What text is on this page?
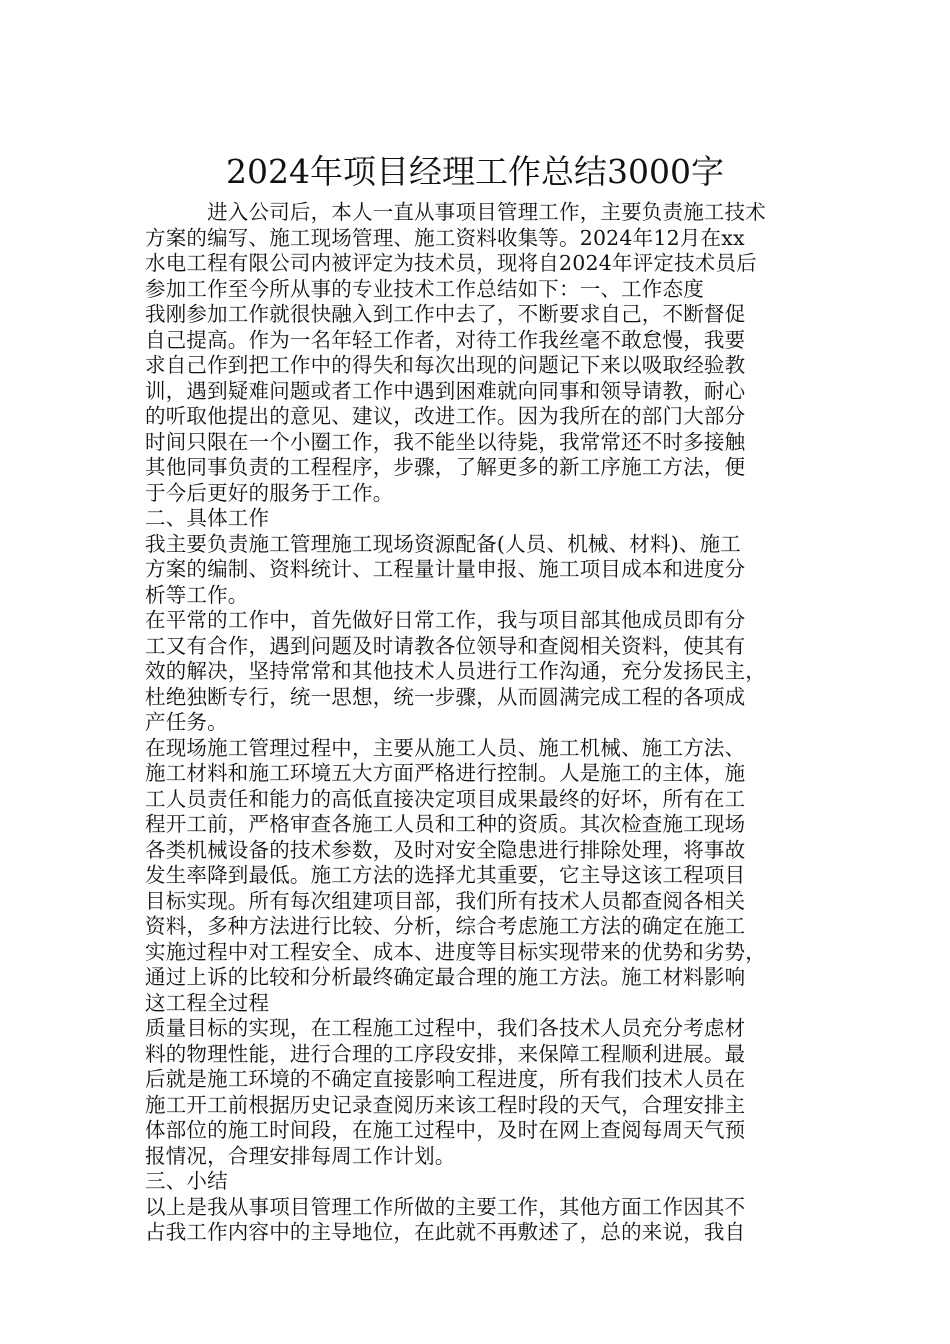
2024年项目经理工作总结3000字
　　　进入公司后，本人一直从事项目管理工作，主要负责施工技术
方案的编写、施工现场管理、施工资料收集等。2024年12月在xx
水电工程有限公司内被评定为技术员，现将自2024年评定技术员后
参加工作至今所从事的专业技术工作总结如下：一、工作态度
我刚参加工作就很快融入到工作中去了，不断要求自己，不断督促
自己提高。作为一名年轻工作者，对待工作我丝毫不敢怠慢，我要
求自己作到把工作中的得失和每次出现的问题记下来以吸取经验教
训，遇到疑难问题或者工作中遇到困难就向同事和领导请教，耐心
的听取他提出的意见、建议，改进工作。因为我所在的部门大部分
时间只限在一个小圈工作，我不能坐以待毙，我常常还不时多接触
其他同事负责的工程程序，步骤，了解更多的新工序施工方法，便
于今后更好的服务于工作。
二、具体工作
我主要负责施工管理施工现场资源配备(人员、机械、材料)、施工
方案的编制、资料统计、工程量计量申报、施工项目成本和进度分
析等工作。
在平常的工作中，首先做好日常工作，我与项目部其他成员即有分
工又有合作，遇到问题及时请教各位领导和查阅相关资料，使其有
效的解决，坚持常常和其他技术人员进行工作沟通，充分发扬民主，
杜绝独断专行，统一思想，统一步骤，从而圆满完成工程的各项成
产任务。
在现场施工管理过程中，主要从施工人员、施工机械、施工方法、
施工材料和施工环境五大方面严格进行控制。人是施工的主体，施
工人员责任和能力的高低直接决定项目成果最终的好坏，所有在工
程开工前，严格审查各施工人员和工种的资质。其次检查施工现场
各类机械设备的技术参数，及时对安全隐患进行排除处理，将事故
发生率降到最低。施工方法的选择尤其重要，它主导这该工程项目
目标实现。所有每次组建项目部，我们所有技术人员都查阅各相关
资料，多种方法进行比较、分析，综合考虑施工方法的确定在施工
实施过程中对工程安全、成本、进度等目标实现带来的优势和劣势，
通过上诉的比较和分析最终确定最合理的施工方法。施工材料影响
这工程全过程
质量目标的实现，在工程施工过程中，我们各技术人员充分考虑材
料的物理性能，进行合理的工序段安排，来保障工程顺利进展。最
后就是施工环境的不确定直接影响工程进度，所有我们技术人员在
施工开工前根据历史记录查阅历来该工程时段的天气，合理安排主
体部位的施工时间段，在施工过程中，及时在网上查阅每周天气预
报情况，合理安排每周工作计划。
三、小结
以上是我从事项目管理工作所做的主要工作，其他方面工作因其不
占我工作内容中的主导地位，在此就不再敷述了，总的来说，我自
